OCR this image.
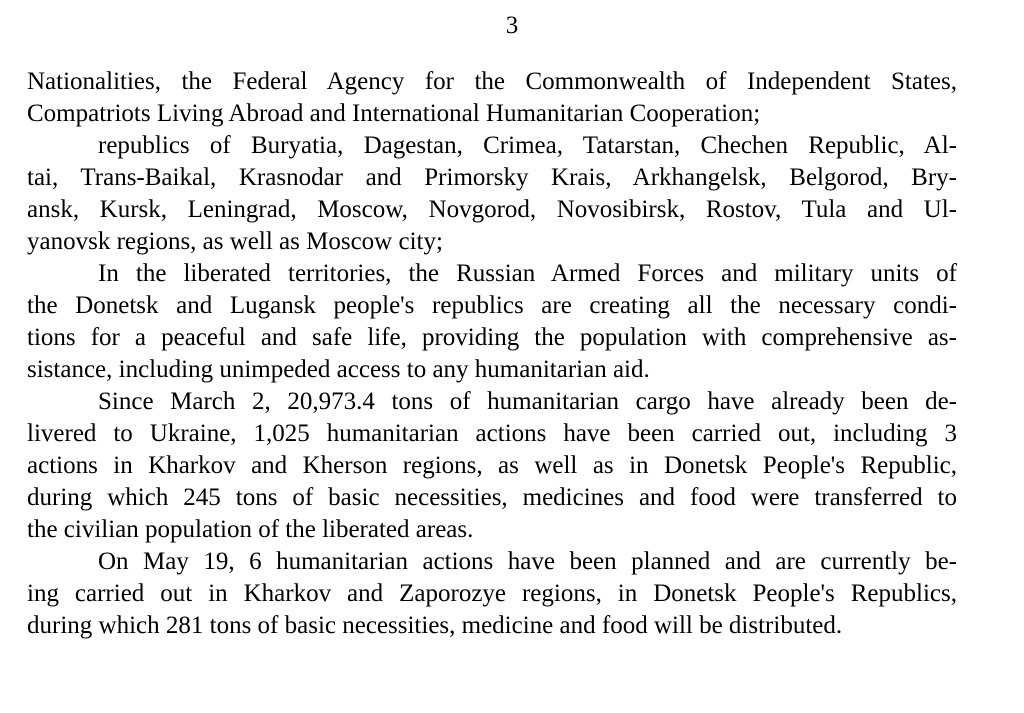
3
Nationalities, the Federal Agency for the Commonwealth of Independent States,
Compatriots Living Abroad and International Humanitarian Cooperation;
republics of Buryatia, Dagestan, Crimea, Tatarstan, Chechen Republic, Al-
tai, Trans-Baikal, Krasnodar and Primorsky Krais, Arkhangelsk, Belgorod, Bry-
ansk, Kursk, Leningrad, Moscow, Novgorod, Novosibirsk, Rostov, Tula and Ul-
yanovsk regions, as well as Moscow city;
In the liberated territories, the Russian Armed Forces and military units of
the Donetsk and Lugansk people's republics are creating all the necessary condi-
tions for a peaceful and safe life, providing the population with comprehensive as-
sistance, including unimpeded access to any humanitarian aid.
Since March 2, 20,973.4 tons of humanitarian cargo have already been de-
livered to Ukraine, 1,025 humanitarian actions have been carried out, including 3
actions in Kharkov and Kherson regions, as well as in Donetsk People's Republic,
during which 245 tons of basic necessities, medicines and food were transferred to
the civilian population of the liberated areas.
On May 19, 6 humanitarian actions have been planned and are currently be-
ing carried out in Kharkov and Zaporozye regions, in Donetsk People's Republics,
during which 281 tons of basic necessities, medicine and food will be distributed.
